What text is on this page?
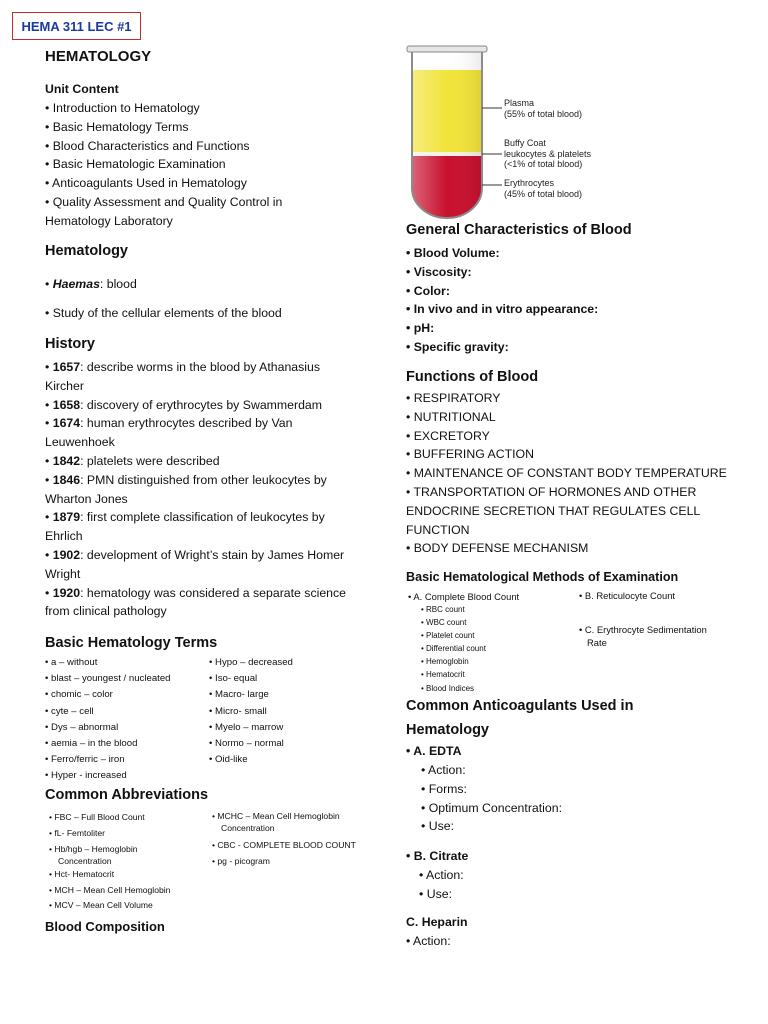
HEMA 311 LEC #1
HEMATOLOGY
Unit Content
• Introduction to Hematology
• Basic Hematology Terms
• Blood Characteristics and Functions
• Basic Hematologic Examination
• Anticoagulants Used in Hematology
• Quality Assessment and Quality Control in
Hematology Laboratory
Hematology
• Haemas: blood
• Study of the cellular elements of the blood
History
• 1657: describe worms in the blood by Athanasius
Kircher
• 1658: discovery of erythrocytes by Swammerdam
• 1674: human erythrocytes described by Van
Leuwenhoek
• 1842: platelets were described
• 1846: PMN distinguished from other leukocytes by
Wharton Jones
• 1879: first complete classification of leukocytes by
Ehrlich
• 1902: development of Wright’s stain by James Homer
Wright
• 1920: hematology was considered a separate science
from clinical pathology
Basic Hematology Terms
• a – without
• blast – youngest / nucleated
• chomic – color
• cyte – cell
• Dys – abnormal
• aemia – in the blood
• Ferro/ferric – iron
• Hyper - increased
• Hypo – decreased
• Iso- equal
• Macro- large
• Micro- small
• Myelo – marrow
• Normo – normal
• Oid-like
Common Abbreviations
• FBC – Full Blood Count
• fL- Femtoliter
• Hb/hgb – Hemoglobin
Concentration
• Hct- Hematocrit
• MCH – Mean Cell Hemoglobin
• MCV – Mean Cell Volume
• MCHC – Mean Cell Hemoglobin
Concentration
• CBC - COMPLETE BLOOD COUNT
• pg - picogram
Blood Composition
Plasma
(55% of total blood)
Buffy Coat
leukocytes & platelets
(<1% of total blood)
Erythrocytes
(45% of total blood)
General Characteristics of Blood
• Blood Volume:
• Viscosity:
• Color:
• In vivo and in vitro appearance:
• pH:
• Specific gravity:
Functions of Blood
• RESPIRATORY
• NUTRITIONAL
• EXCRETORY
• BUFFERING ACTION
• MAINTENANCE OF CONSTANT BODY TEMPERATURE
• TRANSPORTATION OF HORMONES AND OTHER
ENDOCRINE SECRETION THAT REGULATES CELL
FUNCTION
• BODY DEFENSE MECHANISM
Basic Hematological Methods of Examination
• A. Complete Blood Count
• RBC count
• WBC count
• Platelet count
• Differential count
• Hemoglobin
• Hematocrit
• Blood Indices
• B. Reticulocyte Count
• C. Erythrocyte Sedimentation
Rate
Common Anticoagulants Used in
Hematology
• A. EDTA
• Action:
• Forms:
• Optimum Concentration:
• Use:
• B. Citrate
• Action:
• Use:
C. Heparin
• Action:
